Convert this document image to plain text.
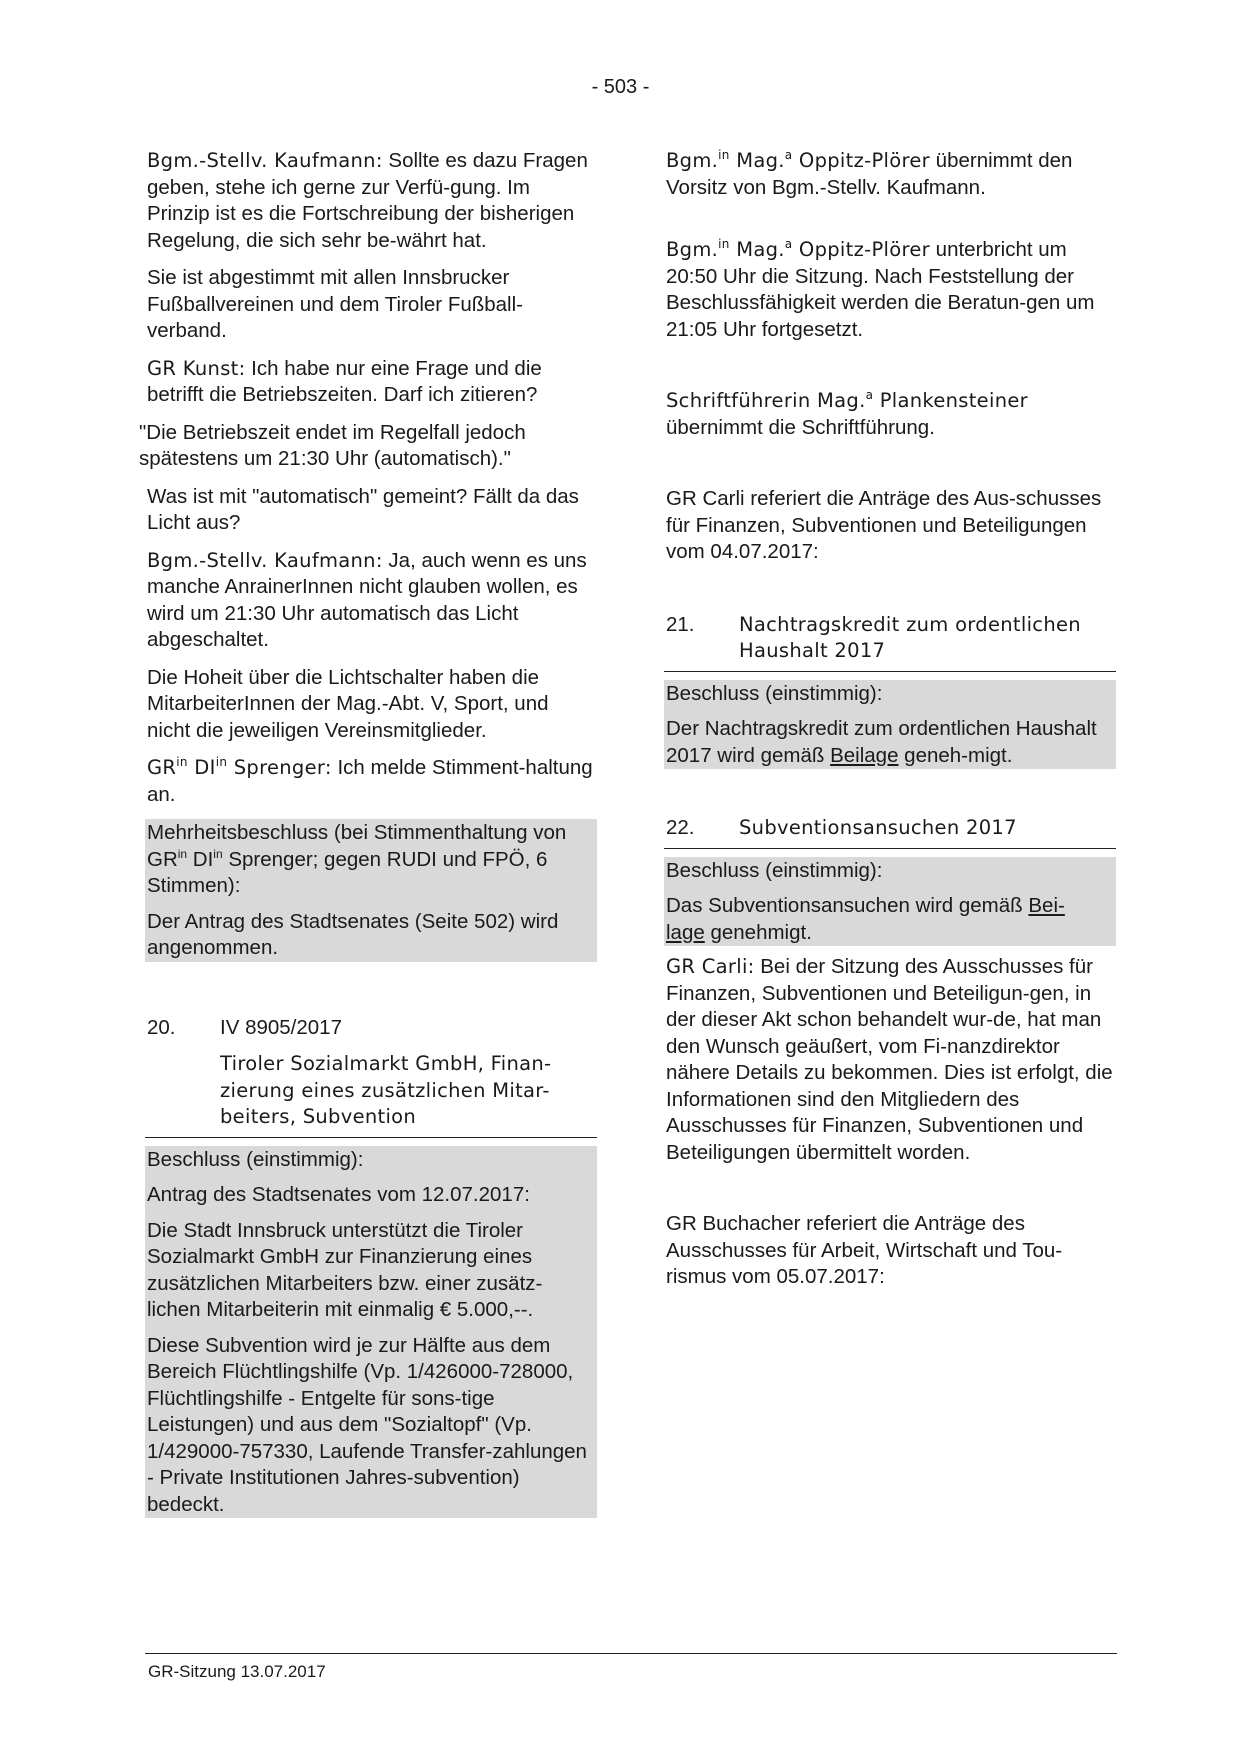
- 503 -
Bgm.-Stellv. Kaufmann: Sollte es dazu Fragen geben, stehe ich gerne zur Verfü-gung. Im Prinzip ist es die Fortschreibung der bisherigen Regelung, die sich sehr be-währt hat.
Sie ist abgestimmt mit allen Innsbrucker Fußballvereinen und dem Tiroler Fußball-verband.
GR Kunst: Ich habe nur eine Frage und die betrifft die Betriebszeiten. Darf ich zitieren?
"Die Betriebszeit endet im Regelfall jedoch spätestens um 21:30 Uhr (automatisch)."
Was ist mit "automatisch" gemeint? Fällt da das Licht aus?
Bgm.-Stellv. Kaufmann: Ja, auch wenn es uns manche AnrainerInnen nicht glauben wollen, es wird um 21:30 Uhr automatisch das Licht abgeschaltet.
Die Hoheit über die Lichtschalter haben die MitarbeiterInnen der Mag.-Abt. V, Sport, und nicht die jeweiligen Vereinsmitglieder.
$GR^{in}$ $DI^{in}$ Sprenger: Ich melde Stimment-haltung an.
Mehrheitsbeschluss (bei Stimmenthaltung von $GR^{in}$ $DI^{in}$ Sprenger; gegen RUDI und FPÖ, 6 Stimmen):
Der Antrag des Stadtsenates (Seite 502) wird angenommen.
20.	IV 8905/2017
Tiroler Sozialmarkt GmbH, Finan-zierung eines zusätzlichen Mitar-beiters, Subvention
Beschluss (einstimmig):
Antrag des Stadtsenates vom 12.07.2017:
Die Stadt Innsbruck unterstützt die Tiroler Sozialmarkt GmbH zur Finanzierung eines zusätzlichen Mitarbeiters bzw. einer zusätz-lichen Mitarbeiterin mit einmalig € 5.000,--.
Diese Subvention wird je zur Hälfte aus dem Bereich Flüchtlingshilfe (Vp. 1/426000-728000, Flüchtlingshilfe - Entgelte für sons-tige Leistungen) und aus dem "Sozialtopf" (Vp. 1/429000-757330, Laufende Transfer-zahlungen - Private Institutionen Jahres-subvention) bedeckt.
Bgm.$^{in}$ Mag.$^a$ Oppitz-Plörer übernimmt den Vorsitz von Bgm.-Stellv. Kaufmann.
Bgm.$^{in}$ Mag.$^a$ Oppitz-Plörer unterbricht um 20:50 Uhr die Sitzung. Nach Feststellung der Beschlussfähigkeit werden die Beratun-gen um 21:05 Uhr fortgesetzt.
Schriftführerin Mag.$^a$ Plankensteiner übernimmt die Schriftführung.
GR Carli referiert die Anträge des Aus-schusses für Finanzen, Subventionen und Beteiligungen vom 04.07.2017:
21.	Nachtragskredit zum ordentlichen Haushalt 2017
Beschluss (einstimmig):
Der Nachtragskredit zum ordentlichen Haushalt 2017 wird gemäß Beilage geneh-migt.
22.	Subventionsansuchen 2017
Beschluss (einstimmig):
Das Subventionsansuchen wird gemäß Bei-
lage genehmigt.
GR Carli: Bei der Sitzung des Ausschusses für Finanzen, Subventionen und Beteiligun-gen, in der dieser Akt schon behandelt wur-de, hat man den Wunsch geäußert, vom Fi-nanzdirektor nähere Details zu bekommen. Dies ist erfolgt, die Informationen sind den Mitgliedern des Ausschusses für Finanzen, Subventionen und Beteiligungen übermittelt worden.
GR Buchacher referiert die Anträge des Ausschusses für Arbeit, Wirtschaft und Tou-rismus vom 05.07.2017:
GR-Sitzung 13.07.2017
